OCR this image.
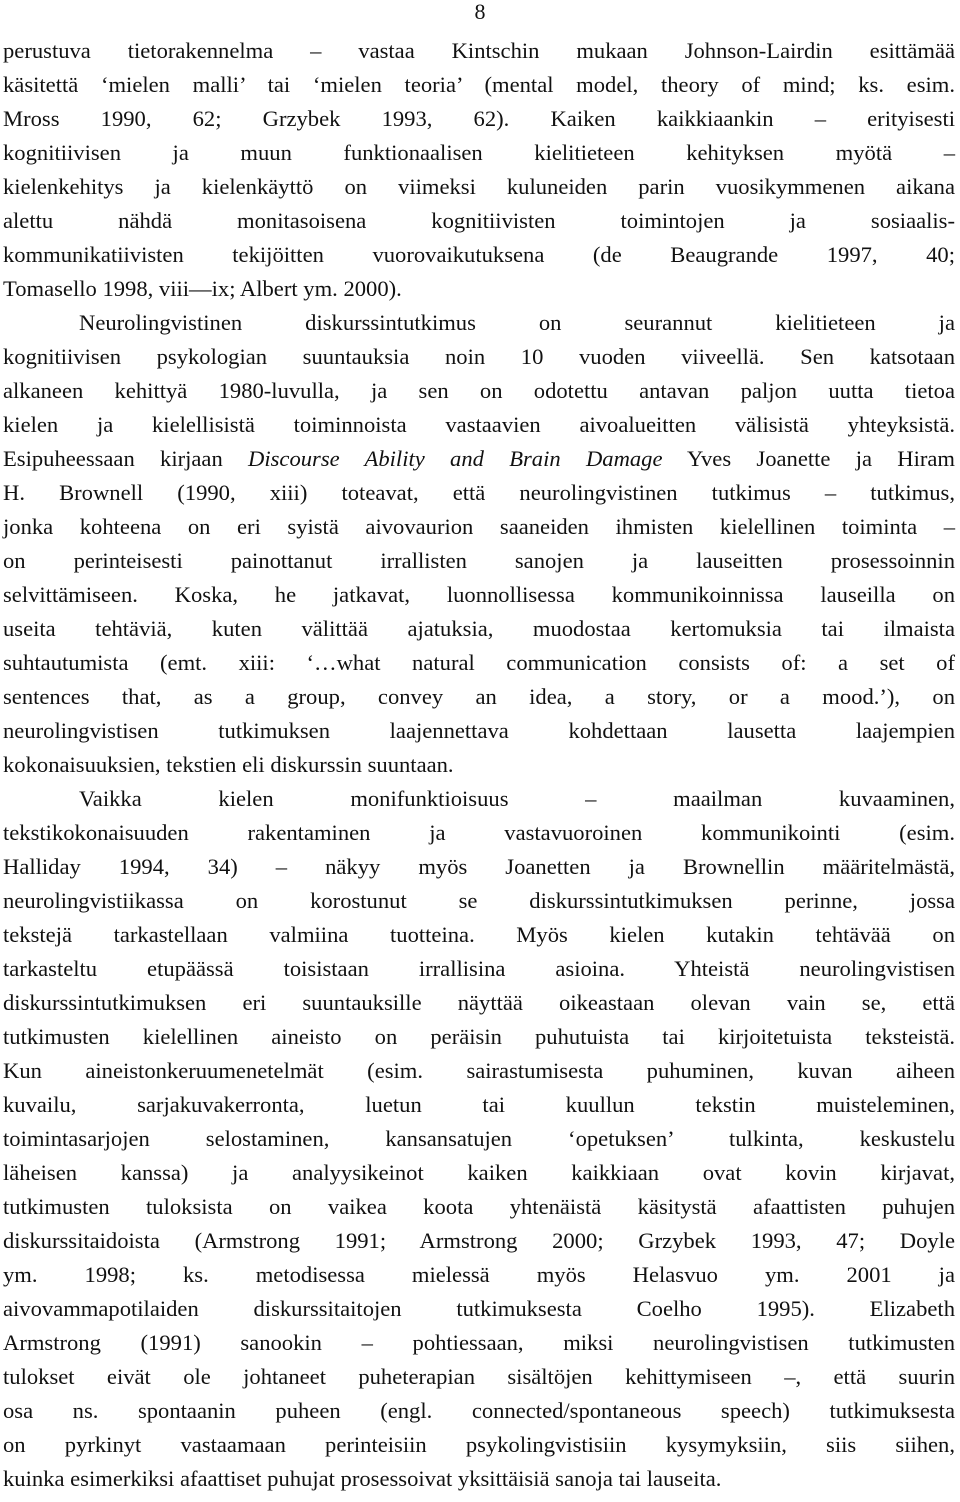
8
perustuva tietorakennelma – vastaa Kintschin mukaan Johnson-Lairdin esittämää
käsitettä ‘mielen malli’ tai ‘mielen teoria’ (mental model, theory of mind; ks. esim.
Mross 1990, 62; Grzybek 1993, 62). Kaiken kaikkiaankin – erityisesti
kognitiivisen ja muun funktionaalisen kielitieteen kehityksen myötä –
kielenkehitys ja kielenkäyttö on viimeksi kuluneiden parin vuosikymmenen aikana
alettu nähdä monitasoisena kognitiivisten toimintojen ja sosiaalis-
kommunikatiivisten tekijöitten vuorovaikutuksena (de Beaugrande 1997, 40;
Tomasello 1998, viii—ix; Albert ym. 2000).
Neurolingvistinen diskurssintutkimus on seurannut kielitieteen ja
kognitiivisen psykologian suuntauksia noin 10 vuoden viiveellä. Sen katsotaan
alkaneen kehittyä 1980-luvulla, ja sen on odotettu antavan paljon uutta tietoa
kielen ja kielellisistä toiminnoista vastaavien aivoalueitten välisistä yhteyksistä.
Esipuheessaan kirjaan Discourse Ability and Brain Damage Yves Joanette ja Hiram
H. Brownell (1990, xiii) toteavat, että neurolingvistinen tutkimus – tutkimus,
jonka kohteena on eri syistä aivovaurion saaneiden ihmisten kielellinen toiminta –
on perinteisesti painottanut irrallisten sanojen ja lauseitten prosessoinnin
selvittämiseen. Koska, he jatkavat, luonnollisessa kommunikoinnissa lauseilla on
useita tehtäviä, kuten välittää ajatuksia, muodostaa kertomuksia tai ilmaista
suhtautumista (emt. xiii: ‘…what natural communication consists of: a set of
sentences that, as a group, convey an idea, a story, or a mood.’), on
neurolingvistisen tutkimuksen laajennettava kohdettaan lausetta laajempien
kokonaisuuksien, tekstien eli diskurssin suuntaan.
Vaikka kielen monifunktioisuus – maailman kuvaaminen,
tekstikokonaisuuden rakentaminen ja vastavuoroinen kommunikointi (esim.
Halliday 1994, 34) – näkyy myös Joanetten ja Brownellin määritelmästä,
neurolingvistiikassa on korostunut se diskurssintutkimuksen perinne, jossa
tekstejä tarkastellaan valmiina tuotteina. Myös kielen kutakin tehtävää on
tarkasteltu etupäässä toisistaan irrallisina asioina. Yhteistä neurolingvistisen
diskurssintutkimuksen eri suuntauksille näyttää oikeastaan olevan vain se, että
tutkimusten kielellinen aineisto on peräisin puhutuista tai kirjoitetuista teksteistä.
Kun aineistonkeruumenetelmät (esim. sairastumisesta puhuminen, kuvan aiheen
kuvailu, sarjakuvakerronta, luetun tai kuullun tekstin muisteleminen,
toimintasarjojen selostaminen, kansansatujen ‘opetuksen’ tulkinta, keskustelu
läheisen kanssa) ja analyysikeinot kaiken kaikkiaan ovat kovin kirjavat,
tutkimusten tuloksista on vaikea koota yhtenäistä käsitystä afaattisten puhujen
diskurssitaidoista (Armstrong 1991; Armstrong 2000; Grzybek 1993, 47; Doyle
ym. 1998; ks. metodisessa mielessä myös Helasvuo ym. 2001 ja
aivovammapotilaiden diskurssitaitojen tutkimuksesta Coelho 1995). Elizabeth
Armstrong (1991) sanookin – pohtiessaan, miksi neurolingvistisen tutkimusten
tulokset eivät ole johtaneet puheterapian sisältöjen kehittymiseen –, että suurin
osa ns. spontaanin puheen (engl. connected/spontaneous speech) tutkimuksesta
on pyrkinyt vastaamaan perinteisiin psykolingvistisiin kysymyksiin, siis siihen,
kuinka esimerkiksi afaattiset puhujat prosessoivat yksittäisiä sanoja tai lauseita.
